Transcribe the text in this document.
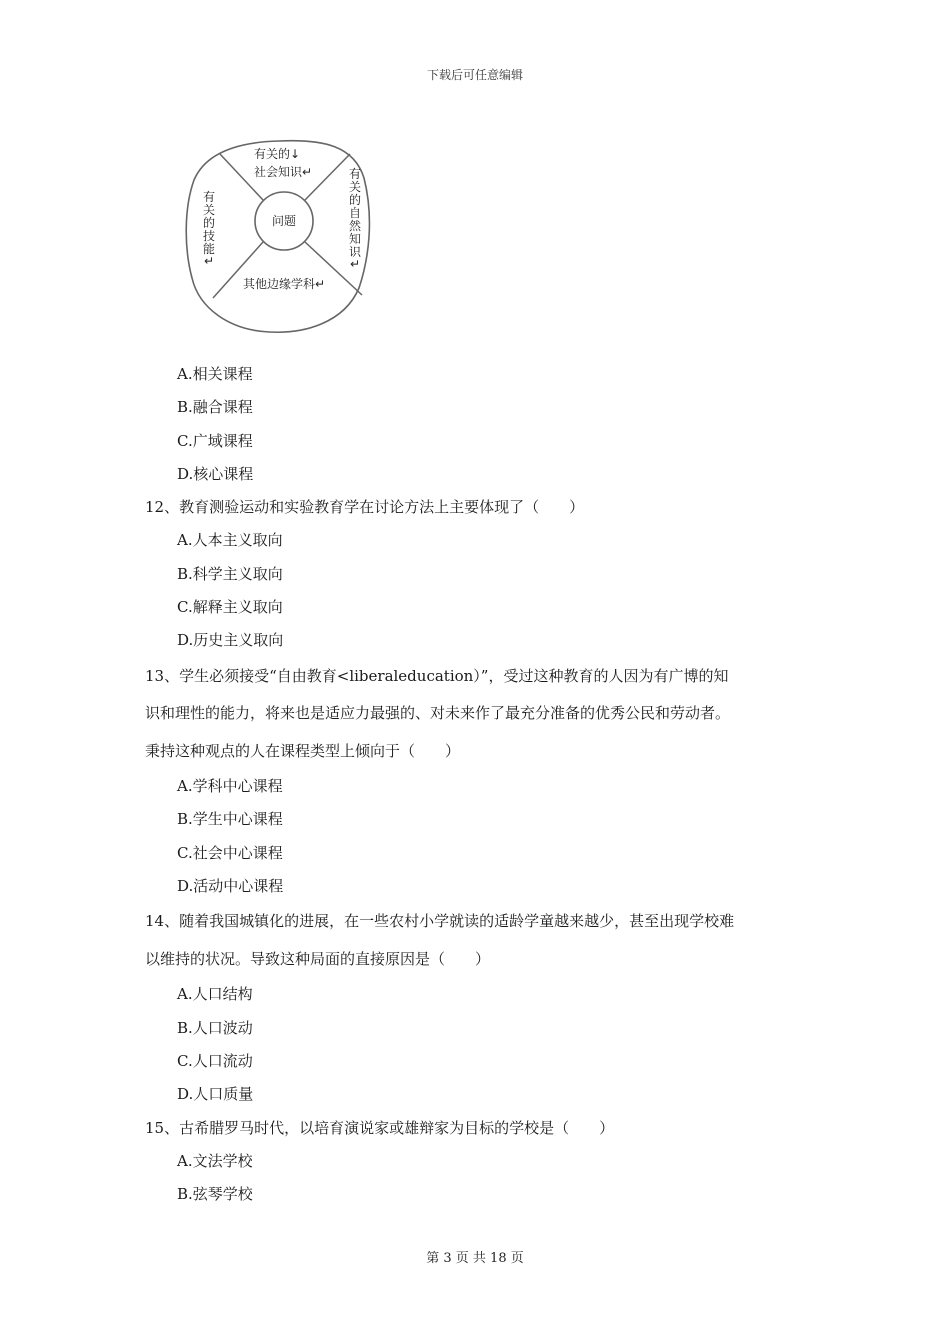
下载后可任意编辑
问题
有关的↓
社会知识↵
有
关
的
技
能
↵
有
关
的
自
然
知
识
↵
其他边缘学科↵

A.相关课程

B.融合课程

C.广域课程

D.核心课程

12、教育测验运动和实验教育学在讨论方法上主要体现了（　　）

A.人本主义取向

B.科学主义取向

C.解释主义取向

D.历史主义取向

13、学生必须接受“自由教育<liberaleducation）”，受过这种教育的人因为有广博的知

识和理性的能力，将来也是适应力最强的、对未来作了最充分准备的优秀公民和劳动者。

秉持这种观点的人在课程类型上倾向于（　　）

A.学科中心课程

B.学生中心课程

C.社会中心课程

D.活动中心课程

14、随着我国城镇化的进展，在一些农村小学就读的适龄学童越来越少，甚至出现学校难

以维持的状况。导致这种局面的直接原因是（　　）

A.人口结构

B.人口波动

C.人口流动

D.人口质量

15、古希腊罗马时代，以培育演说家或雄辩家为目标的学校是（　　）

A.文法学校

B.弦琴学校

第 3 页 共 18 页
